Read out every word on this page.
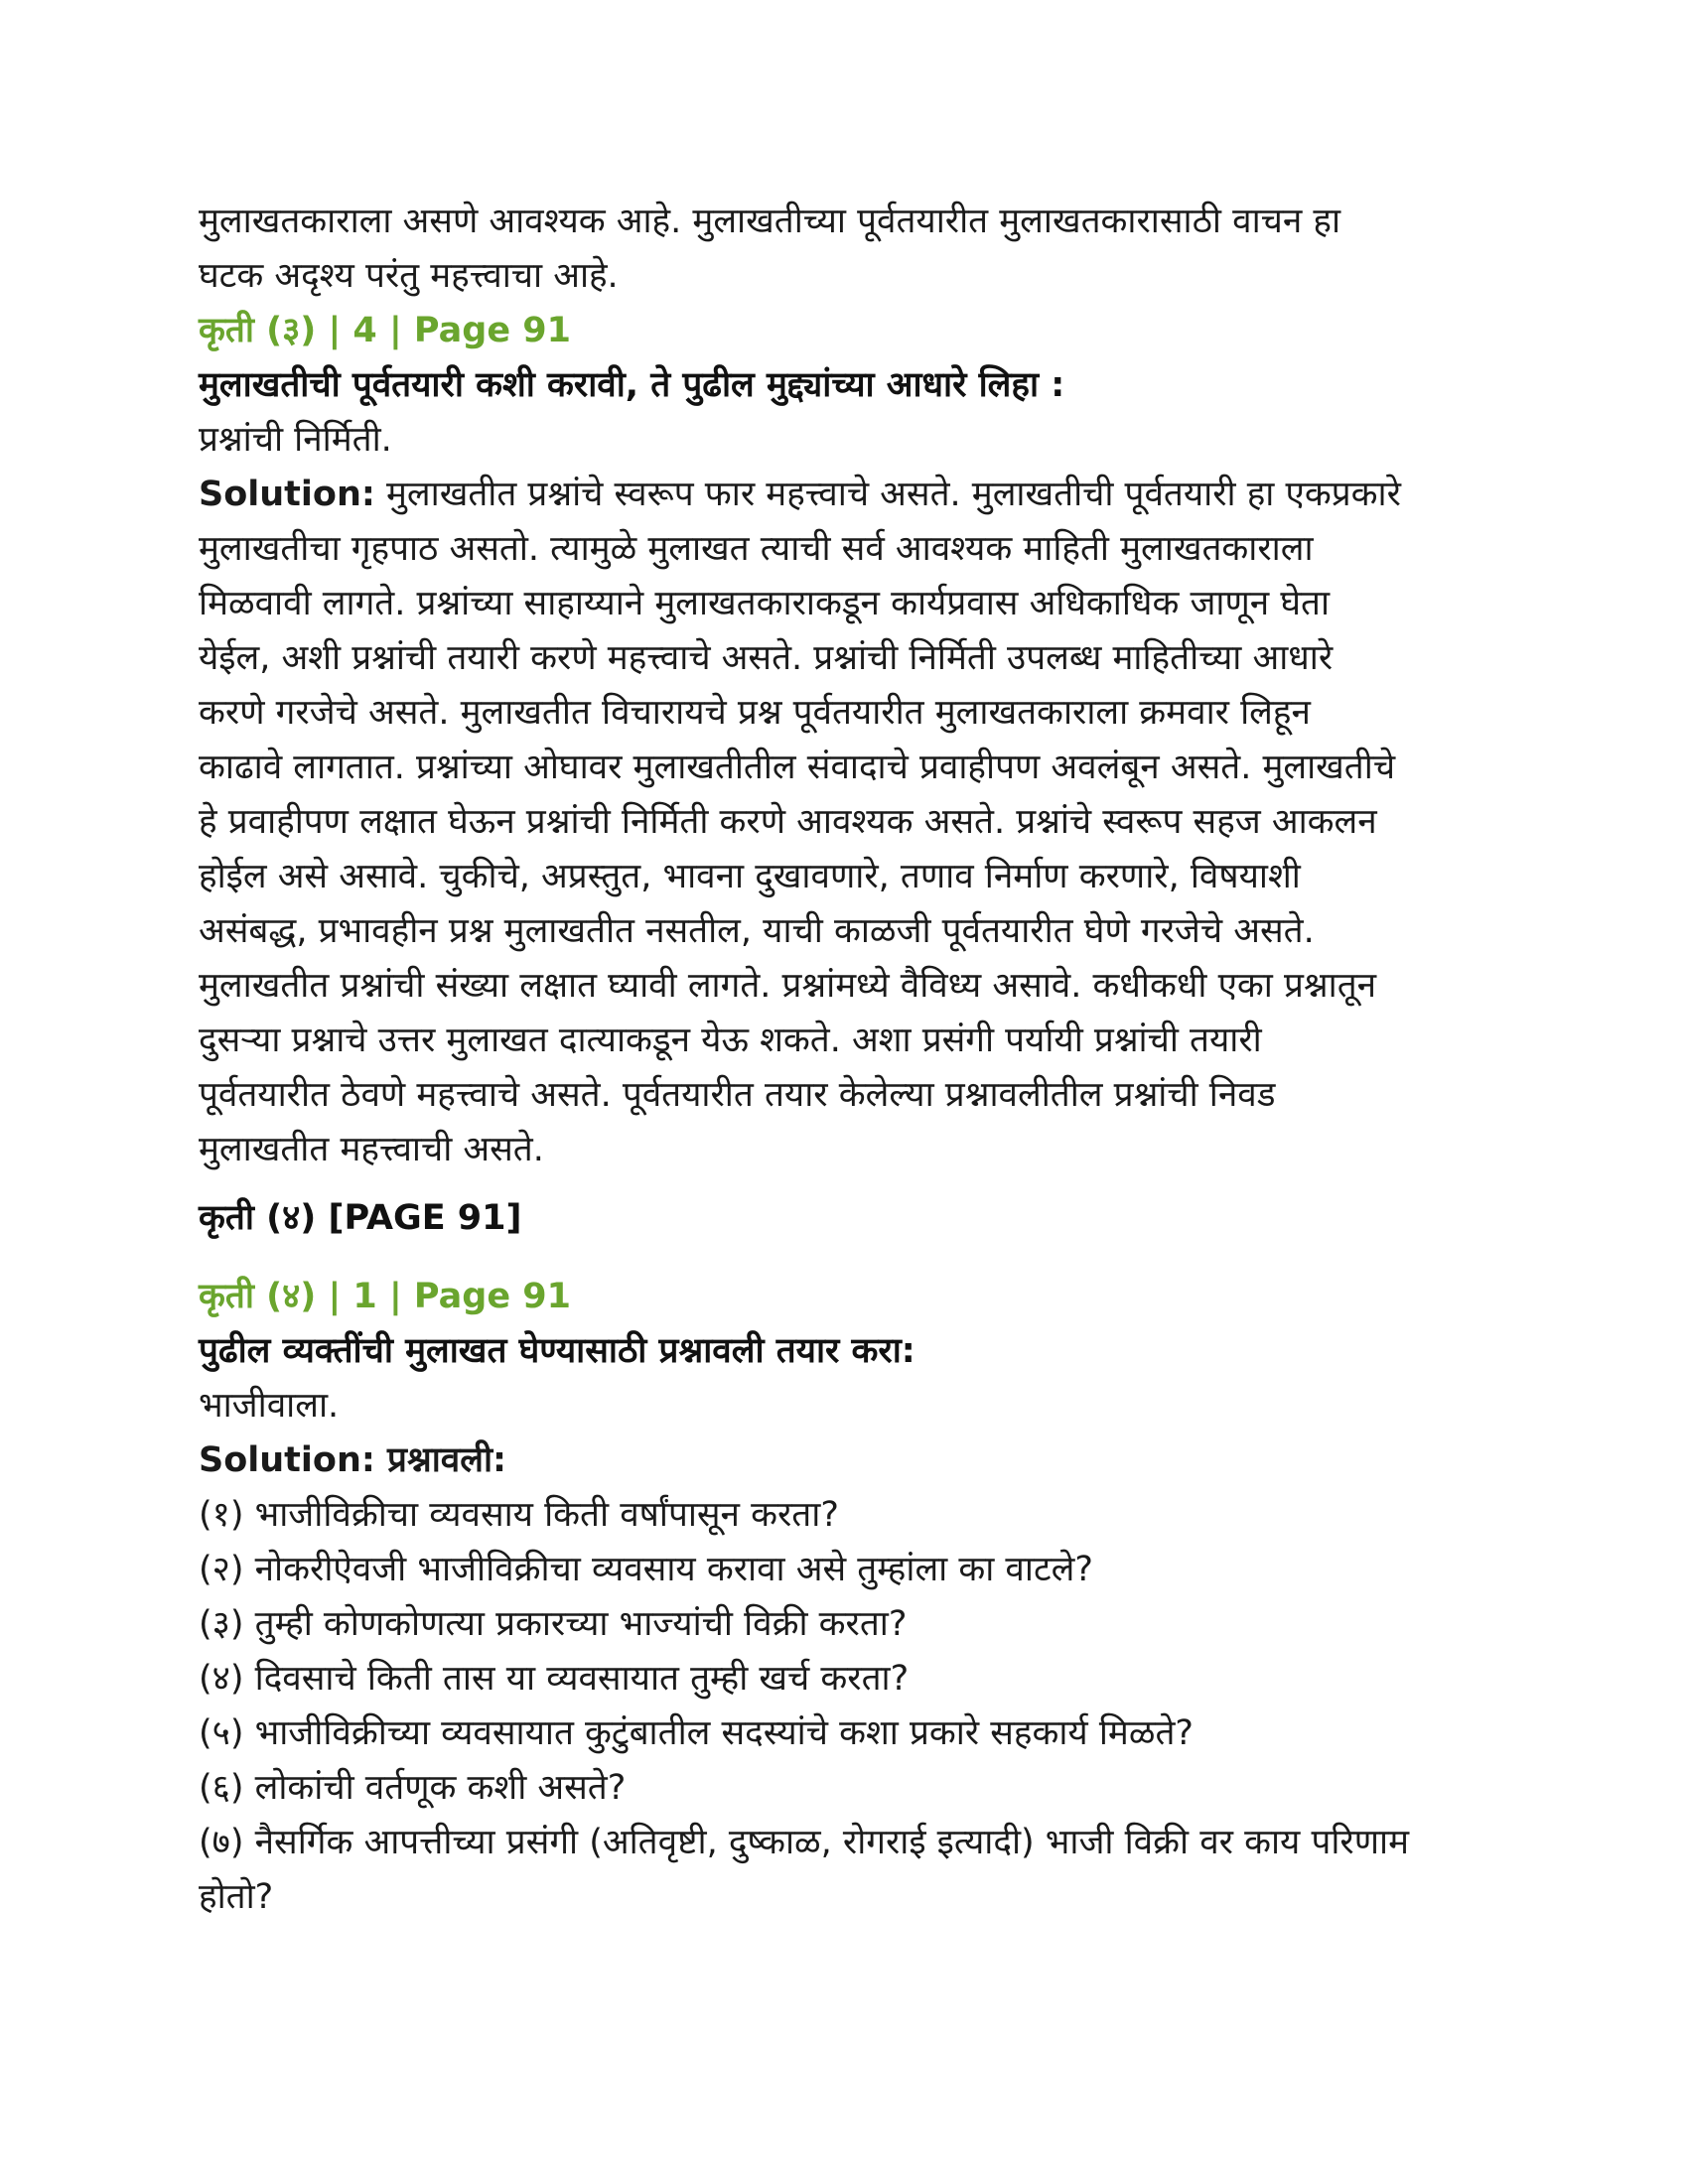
मुलाखतकाराला असणे आवश्यक आहे. मुलाखतीच्या पूर्वतयारीत मुलाखतकारासाठी वाचन हा

घटक अदृश्य परंतु महत्त्वाचा आहे.

कृती (३) | 4 | Page 91

मुलाखतीची पूर्वतयारी कशी करावी, ते पुढील मुद्द्यांच्या आधारे लिहा :

प्रश्नांची निर्मिती.

Solution: मुलाखतीत प्रश्नांचे स्वरूप फार महत्त्वाचे असते. मुलाखतीची पूर्वतयारी हा एकप्रकारे

मुलाखतीचा गृहपाठ असतो. त्यामुळे मुलाखत त्याची सर्व आवश्यक माहिती मुलाखतकाराला

मिळवावी लागते. प्रश्नांच्या साहाय्याने मुलाखतकाराकडून कार्यप्रवास अधिकाधिक जाणून घेता

येईल, अशी प्रश्नांची तयारी करणे महत्त्वाचे असते. प्रश्नांची निर्मिती उपलब्ध माहितीच्या आधारे

करणे गरजेचे असते. मुलाखतीत विचारायचे प्रश्न पूर्वतयारीत मुलाखतकाराला क्रमवार लिहून

काढावे लागतात. प्रश्नांच्या ओघावर मुलाखतीतील संवादाचे प्रवाहीपण अवलंबून असते. मुलाखतीचे

हे प्रवाहीपण लक्षात घेऊन प्रश्नांची निर्मिती करणे आवश्यक असते. प्रश्नांचे स्वरूप सहज आकलन

होईल असे असावे. चुकीचे, अप्रस्तुत, भावना दुखावणारे, तणाव निर्माण करणारे, विषयाशी

असंबद्ध, प्रभावहीन प्रश्न मुलाखतीत नसतील, याची काळजी पूर्वतयारीत घेणे गरजेचे असते.

मुलाखतीत प्रश्नांची संख्या लक्षात घ्यावी लागते. प्रश्नांमध्ये वैविध्य असावे. कधीकधी एका प्रश्नातून

दुसऱ्या प्रश्नाचे उत्तर मुलाखत दात्याकडून येऊ शकते. अशा प्रसंगी पर्यायी प्रश्नांची तयारी

पूर्वतयारीत ठेवणे महत्त्वाचे असते. पूर्वतयारीत तयार केलेल्या प्रश्नावलीतील प्रश्नांची निवड

मुलाखतीत महत्त्वाची असते.

कृती (४) [PAGE 91]

कृती (४) | 1 | Page 91

पुढील व्यक्तींची मुलाखत घेण्यासाठी प्रश्नावली तयार करा:

भाजीवाला.

Solution: प्रश्नावली:

(१) भाजीविक्रीचा व्यवसाय किती वर्षांपासून करता?

(२) नोकरीऐवजी भाजीविक्रीचा व्यवसाय करावा असे तुम्हांला का वाटले?

(३) तुम्ही कोणकोणत्या प्रकारच्या भाज्यांची विक्री करता?

(४) दिवसाचे किती तास या व्यवसायात तुम्ही खर्च करता?

(५) भाजीविक्रीच्या व्यवसायात कुटुंबातील सदस्यांचे कशा प्रकारे सहकार्य मिळते?

(६) लोकांची वर्तणूक कशी असते?

(७) नैसर्गिक आपत्तीच्या प्रसंगी (अतिवृष्टी, दुष्काळ, रोगराई इत्यादी) भाजी विक्री वर काय परिणाम

होतो?
